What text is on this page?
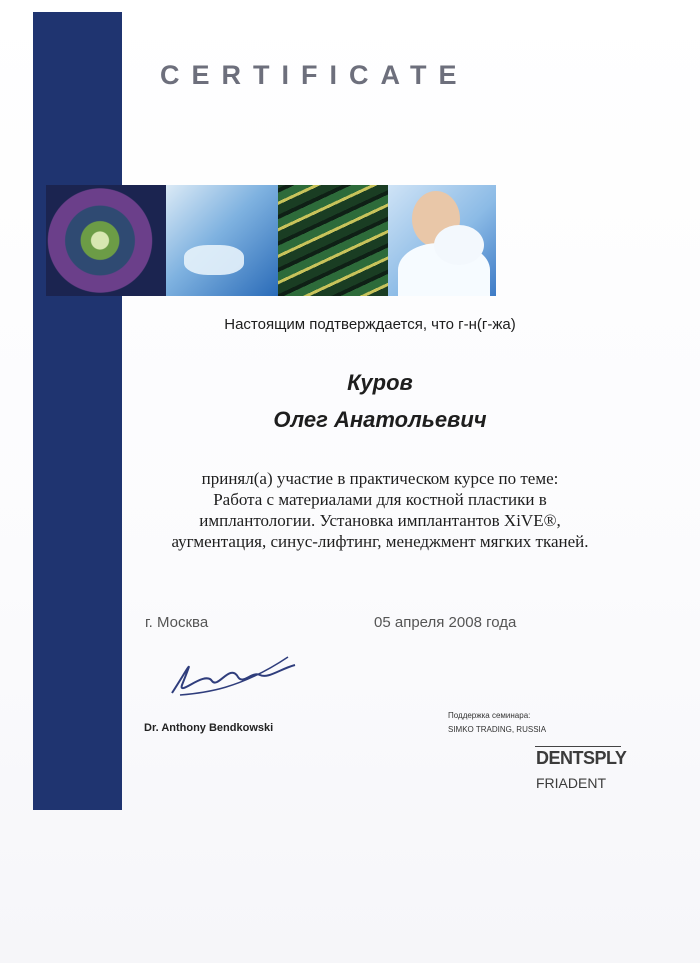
CERTIFICATE
Настоящим подтверждается, что г-н(г-жа)
Куров
Олег Анатольевич
принял(а) участие в практическом курсе по теме:
Работа с материалами для костной пластики в
имплантологии. Установка имплантантов XiVE®,
аугментация, синус-лифтинг, менеджмент мягких тканей.
г. Москва	05 апреля 2008 года
Dr. Anthony Bendkowski
Поддержка семинара:
SIMKO TRADING, RUSSIA
DENTSPLY
FRIADENT
